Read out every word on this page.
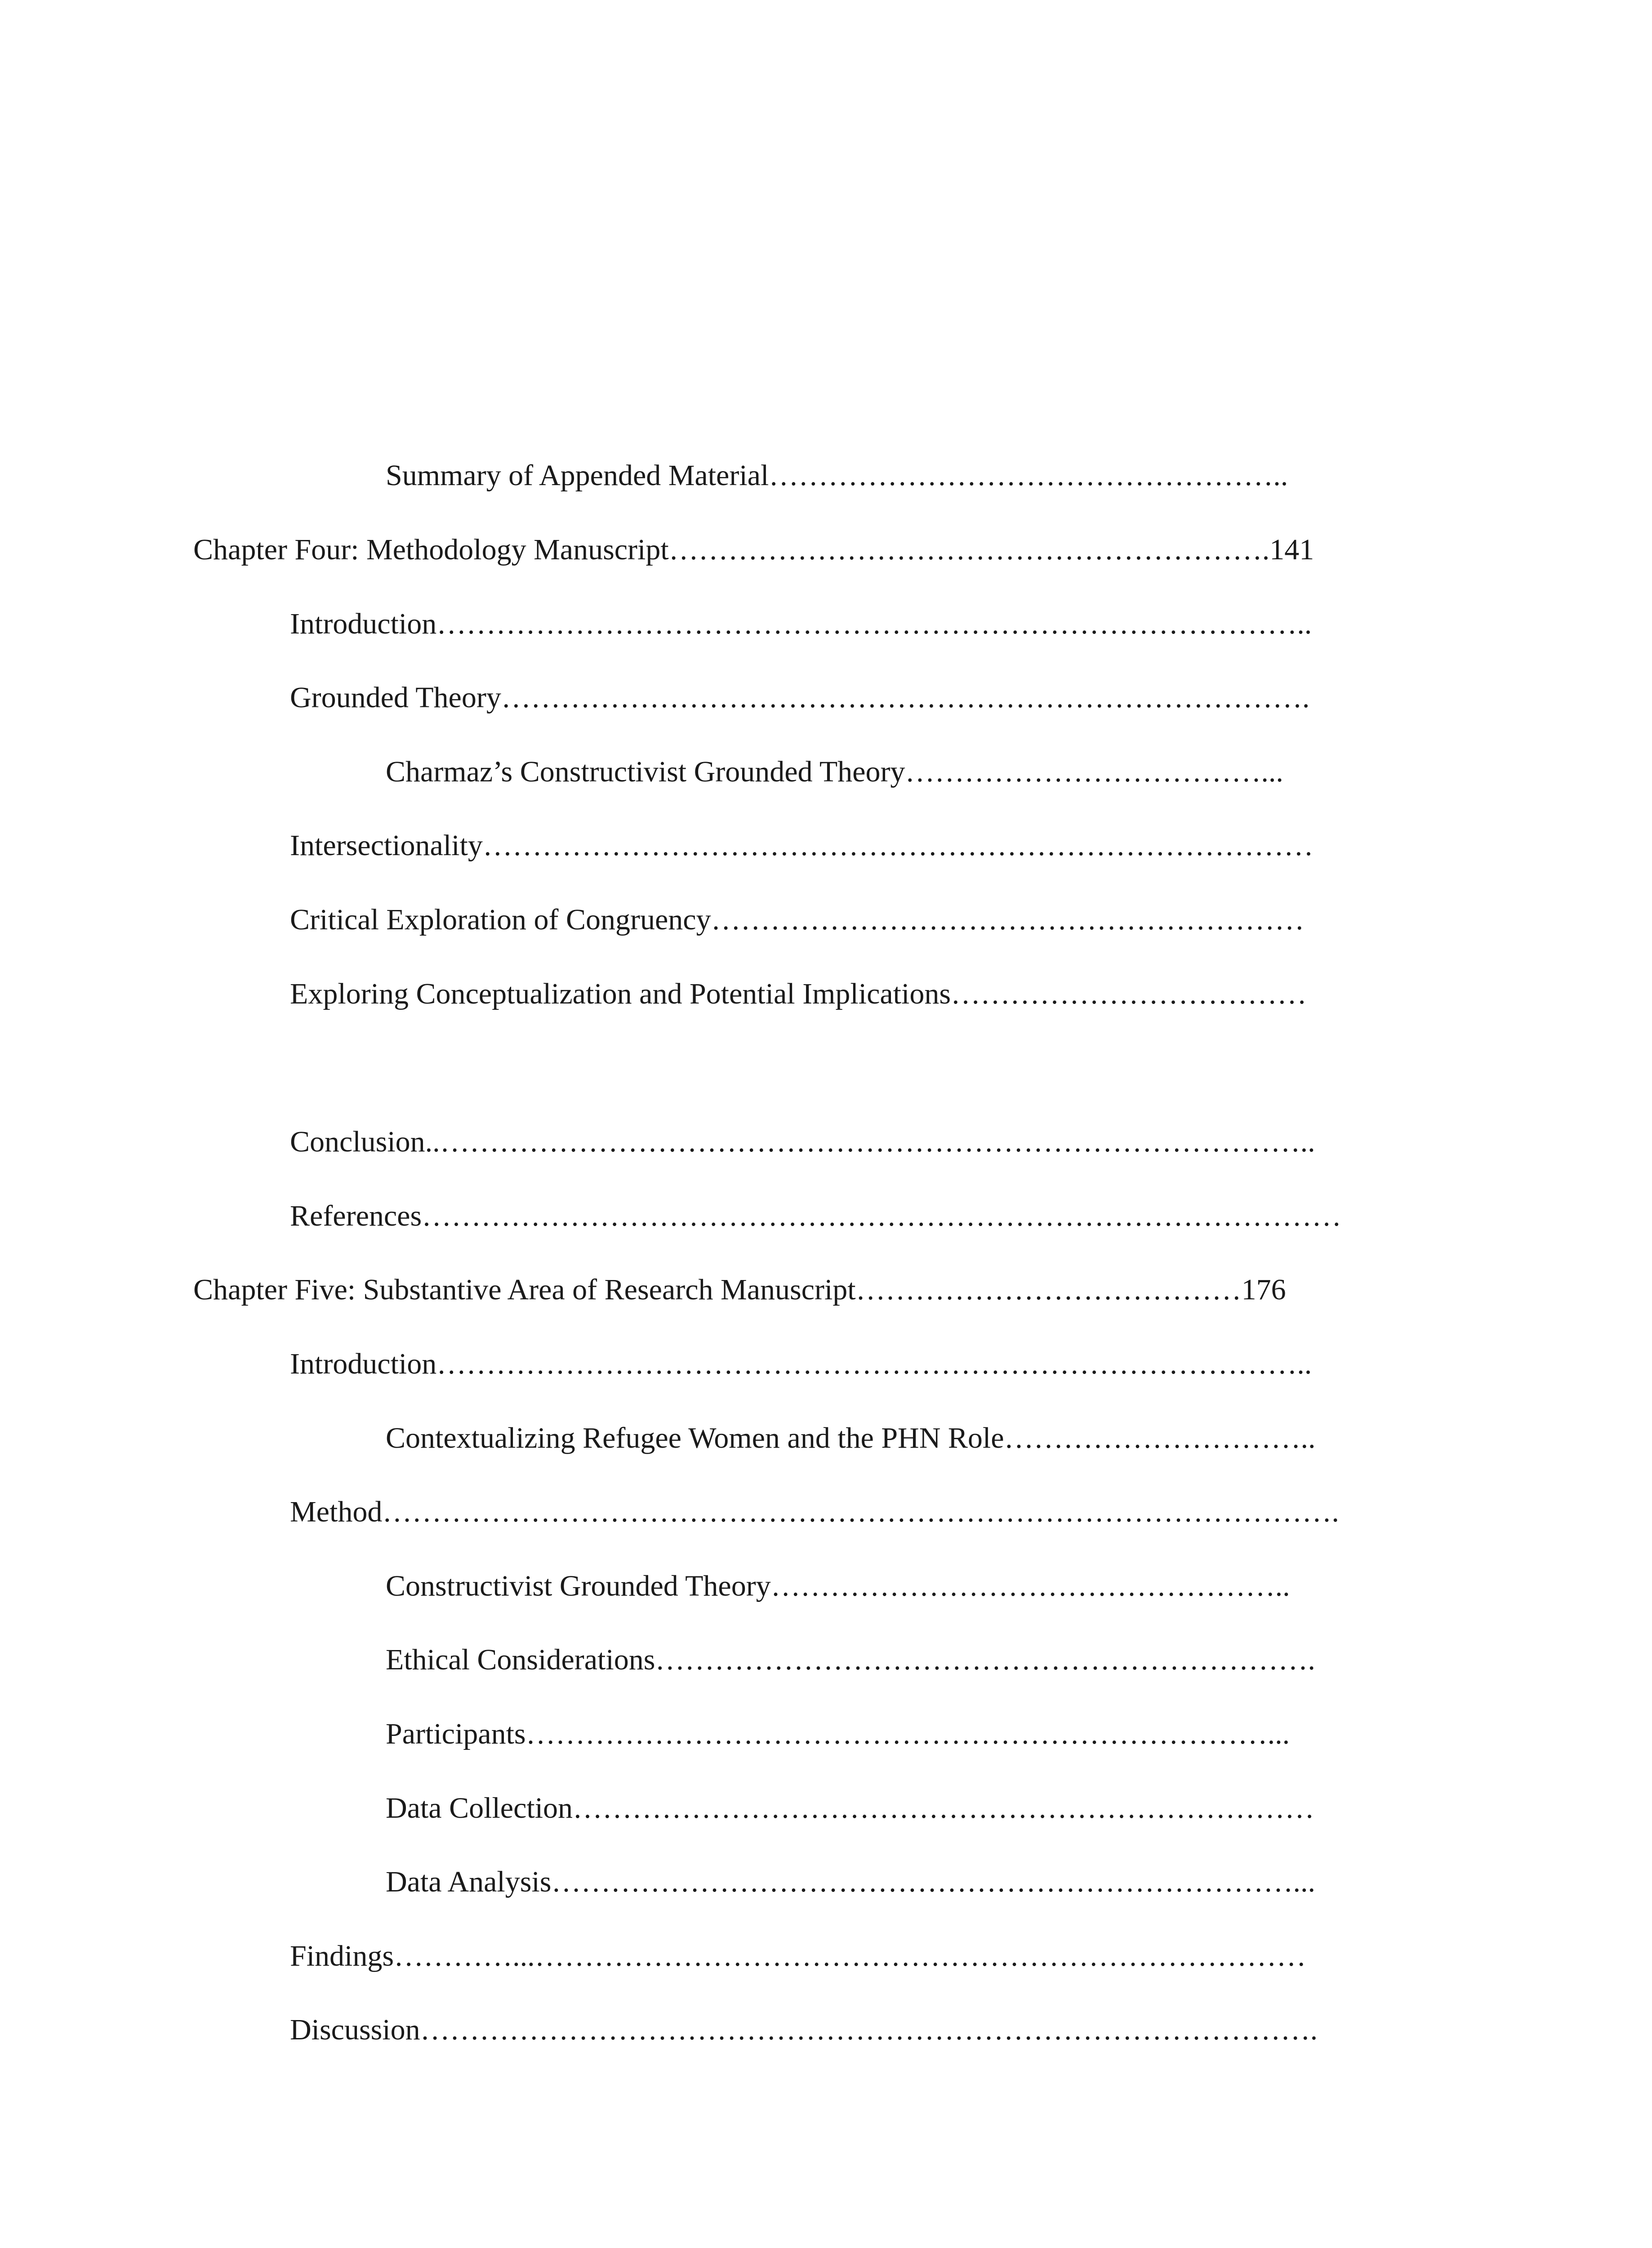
Summary of Appended Material……………………………………………..
Chapter Four: Methodology Manuscript…………………………………………………….141
Introduction……………………………………………………………………………..
Grounded Theory……………………………………………………………………….
Charmaz’s Constructivist Grounded Theory………………………………...
Intersectionality…………………………………………………………………………
Critical Exploration of Congruency……………………………………………………
Exploring Conceptualization and Potential Implications………………………………
Conclusion..……………………………………………………………………………..
References…………………………………………………………………………………
Chapter Five: Substantive Area of Research Manuscript…………………………………176
Introduction……………………………………………………………………………..
Contextualizing Refugee Women and the PHN Role…………………………..
Method…………………………………………………………………………………….
Constructivist Grounded Theory……………………………………………..
Ethical Considerations………………………………………………………….
Participants…………………………………………………………………...
Data Collection…………………………………………………………………
Data Analysis…………………………………………………………………...
Findings…………...……………………………………………………………………
Discussion……………………………………………………………………………….
